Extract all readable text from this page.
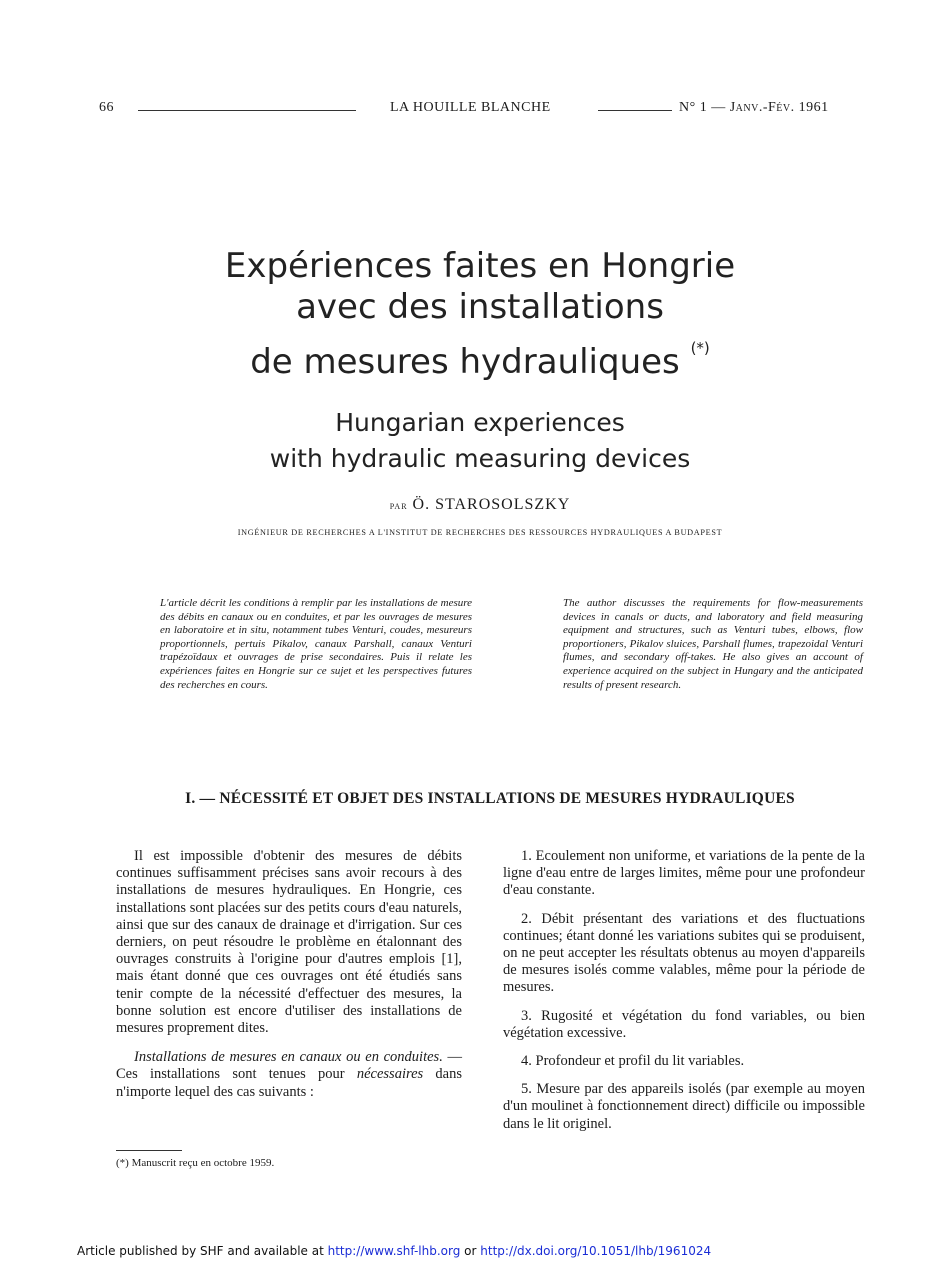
66	LA HOUILLE BLANCHE	N° 1 — Janv.-Fév. 1961
Expériences faites en Hongrie
avec des installations
de mesures hydrauliques (*)
Hungarian experiences
with hydraulic measuring devices
par Ö. STAROSOLSZKY
INGÉNIEUR DE RECHERCHES A L'INSTITUT DE RECHERCHES DES RESSOURCES HYDRAULIQUES A BUDAPEST
L'article décrit les conditions à remplir par les installations de mesure des débits en canaux ou en conduites, et par les ouvrages de mesures en laboratoire et in situ, notamment tubes Venturi, coudes, mesureurs proportionnels, pertuis Pikalov, canaux Parshall, canaux Venturi trapézoïdaux et ouvrages de prise secondaires. Puis il relate les expériences faites en Hongrie sur ce sujet et les perspectives futures des recherches en cours.
The author discusses the requirements for flow-measurements devices in canals or ducts, and laboratory and field measuring equipment and structures, such as Venturi tubes, elbows, flow proportioners, Pikalov sluices, Parshall flumes, trapezoidal Venturi flumes, and secondary off-takes. He also gives an account of experience acquired on the subject in Hungary and the anticipated results of present research.
I. — NÉCESSITÉ ET OBJET DES INSTALLATIONS DE MESURES HYDRAULIQUES

Il est impossible d'obtenir des mesures de débits continues suffisamment précises sans avoir recours à des installations de mesures hydrauliques. En Hongrie, ces installations sont placées sur des petits cours d'eau naturels, ainsi que sur des canaux de drainage et d'irrigation. Sur ces derniers, on peut résoudre le problème en étalonnant des ouvrages construits à l'origine pour d'autres emplois [1], mais étant donné que ces ouvrages ont été étudiés sans tenir compte de la nécessité d'effectuer des mesures, la bonne solution est encore d'utiliser des installations de mesures proprement dites.

Installations de mesures en canaux ou en conduites. — Ces installations sont tenues pour nécessaires dans n'importe lequel des cas suivants :

1. Ecoulement non uniforme, et variations de la pente de la ligne d'eau entre de larges limites, même pour une profondeur d'eau constante.

2. Débit présentant des variations et des fluctuations continues; étant donné les variations subites qui se produisent, on ne peut accepter les résultats obtenus au moyen d'appareils de mesures isolés comme valables, même pour la période de mesures.

3. Rugosité et végétation du fond variables, ou bien végétation excessive.

4. Profondeur et profil du lit variables.

5. Mesure par des appareils isolés (par exemple au moyen d'un moulinet à fonctionnement direct) difficile ou impossible dans le lit originel.

(*) Manuscrit reçu en octobre 1959.
Article published by SHF and available at http://www.shf-lhb.org or http://dx.doi.org/10.1051/lhb/1961024
